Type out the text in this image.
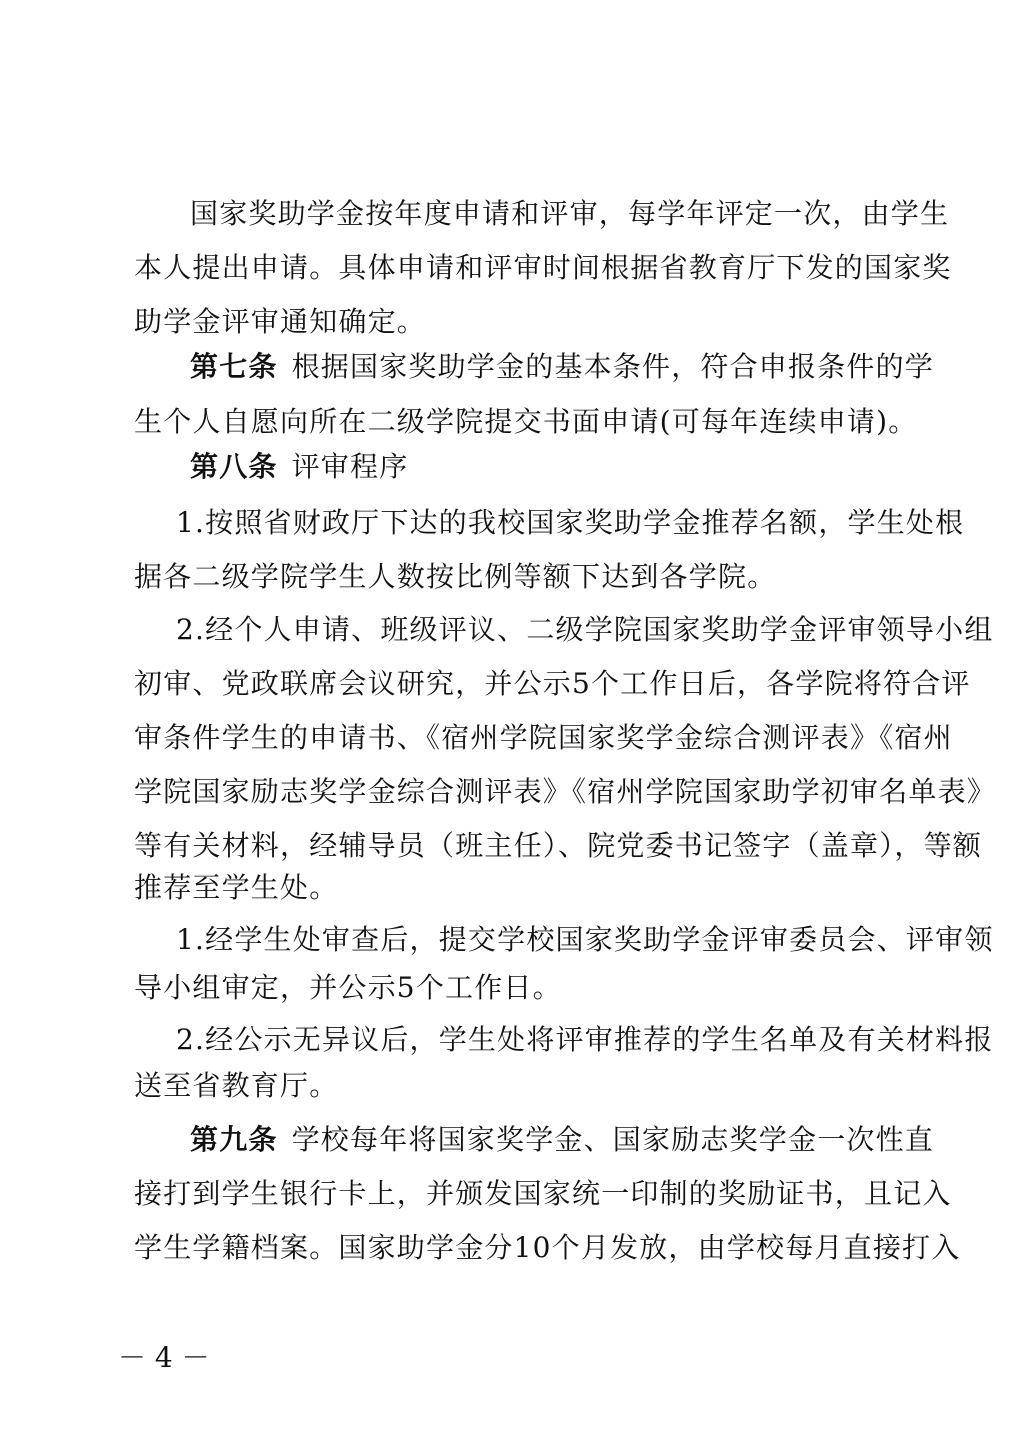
国家奖助学金按年度申请和评审，每学年评定一次，由学生
本人提出申请。具体申请和评审时间根据省教育厅下发的国家奖
助学金评审通知确定。
第七条 根据国家奖助学金的基本条件，符合申报条件的学
生个人自愿向所在二级学院提交书面申请(可每年连续申请)。
第八条 评审程序
1.按照省财政厅下达的我校国家奖助学金推荐名额，学生处根
据各二级学院学生人数按比例等额下达到各学院。
2.经个人申请、班级评议、二级学院国家奖助学金评审领导小组
初审、党政联席会议研究，并公示5个工作日后，各学院将符合评
审条件学生的申请书、《宿州学院国家奖学金综合测评表》《宿州
学院国家励志奖学金综合测评表》《宿州学院国家助学初审名单表》
等有关材料，经辅导员（班主任）、院党委书记签字（盖章），等额
推荐至学生处。
1.经学生处审查后，提交学校国家奖助学金评审委员会、评审领
导小组审定，并公示5个工作日。
2.经公示无异议后，学生处将评审推荐的学生名单及有关材料报
送至省教育厅。
第九条 学校每年将国家奖学金、国家励志奖学金一次性直
接打到学生银行卡上，并颁发国家统一印制的奖励证书，且记入
学生学籍档案。国家助学金分10个月发放，由学校每月直接打入
－ 4 －
